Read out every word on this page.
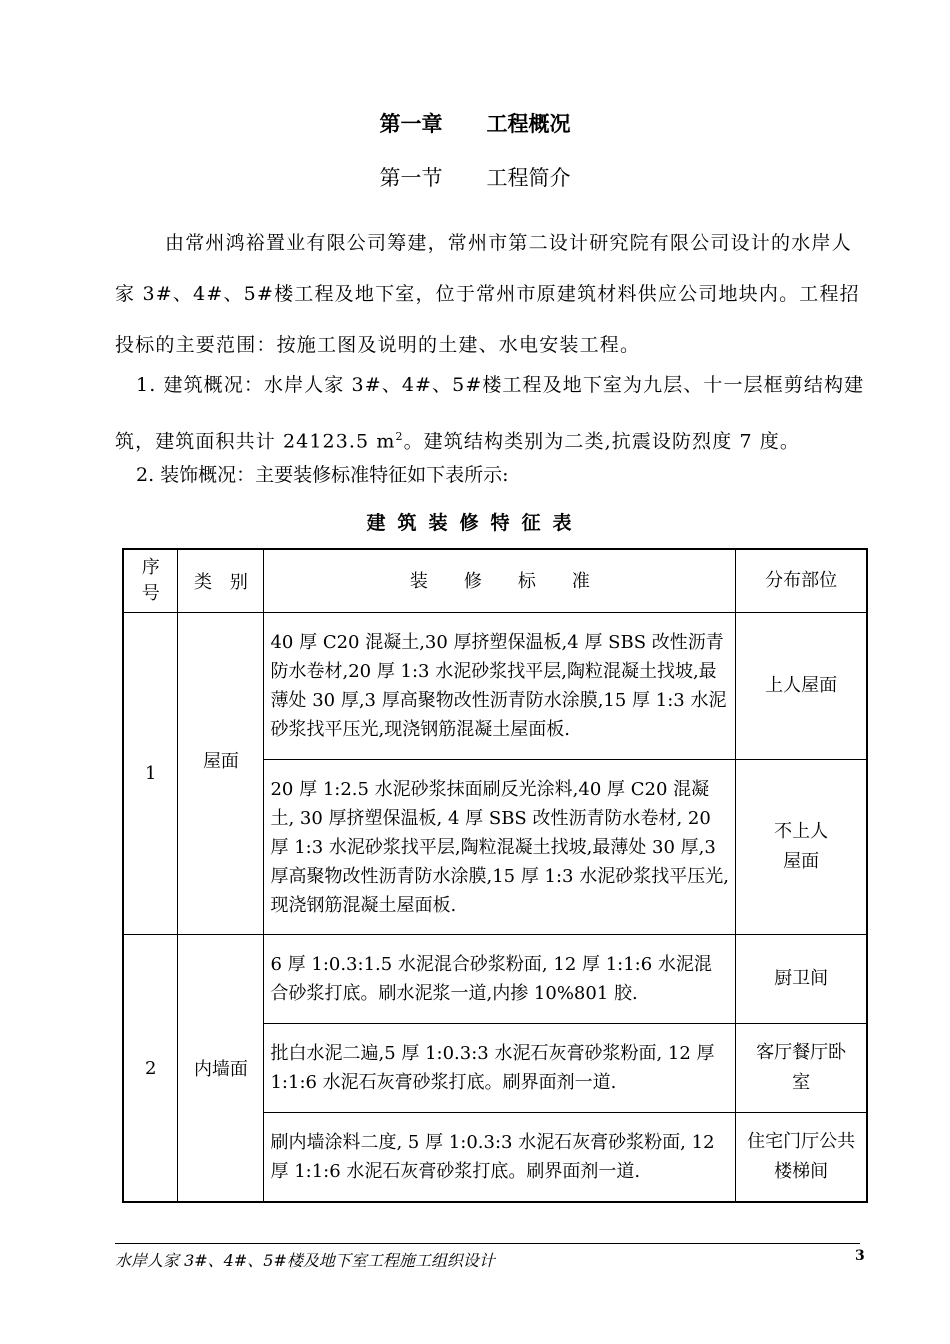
第一章 工程概况
第一节 工程简介
由常州鸿裕置业有限公司筹建，常州市第二设计研究院有限公司设计的水岸人家 3#、4#、5#楼工程及地下室，位于常州市原建筑材料供应公司地块内。工程招投标的主要范围：按施工图及说明的土建、水电安装工程。
1. 建筑概况：水岸人家 3#、4#、5#楼工程及地下室为九层、十一层框剪结构建筑，建筑面积共计 24123.5 $m^2$。建筑结构类别为二类,抗震设防烈度 7 度。
2. 装饰概况：主要装修标准特征如下表所示:
建筑装修特征表
序号	类　别	装　　修　　标　　准	分布部位
1	屋面	40 厚 C20 混凝土,30 厚挤塑保温板,4 厚 SBS 改性沥青防水卷材,20 厚 1:3 水泥砂浆找平层,陶粒混凝土找坡,最薄处 30 厚,3 厚高聚物改性沥青防水涂膜,15 厚 1:3 水泥砂浆找平压光,现浇钢筋混凝土屋面板.	上人屋面
		20 厚 1:2.5 水泥砂浆抹面刷反光涂料,40 厚 C20 混凝土, 30 厚挤塑保温板, 4 厚 SBS 改性沥青防水卷材, 20 厚 1:3 水泥砂浆找平层,陶粒混凝土找坡,最薄处 30 厚,3 厚高聚物改性沥青防水涂膜,15 厚 1:3 水泥砂浆找平压光,现浇钢筋混凝土屋面板.	不上人屋面

2	内墙面	6 厚 1:0.3:1.5 水泥混合砂浆粉面, 12 厚 1:1:6 水泥混合砂浆打底。刷水泥浆一道,内掺 10%801 胶.	厨卫间
		批白水泥二遍,5 厚 1:0.3:3 水泥石灰膏砂浆粉面, 12 厚 1:1:6 水泥石灰膏砂浆打底。刷界面剂一道.	客厅餐厅卧室

		刷内墙涂料二度, 5 厚 1:0.3:3 水泥石灰膏砂浆粉面, 12 厚 1:1:6 水泥石灰膏砂浆打底。刷界面剂一道.	住宅门厅公共楼梯间
水岸人家 3#、4#、5#楼及地下室工程施工组织设计	3
